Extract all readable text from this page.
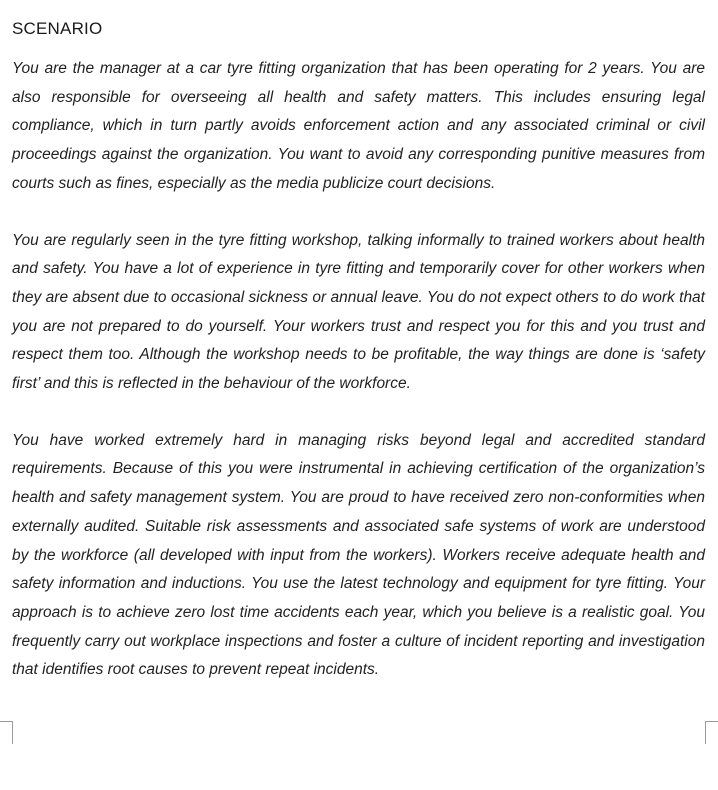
SCENARIO

You are the manager at a car tyre fitting organization that has been operating for 2 years. You are also responsible for overseeing all health and safety matters. This includes ensuring legal compliance, which in turn partly avoids enforcement action and any associated criminal or civil proceedings against the organization. You want to avoid any corresponding punitive measures from courts such as fines, especially as the media publicize court decisions.

You are regularly seen in the tyre fitting workshop, talking informally to trained workers about health and safety. You have a lot of experience in tyre fitting and temporarily cover for other workers when they are absent due to occasional sickness or annual leave. You do not expect others to do work that you are not prepared to do yourself. Your workers trust and respect you for this and you trust and respect them too. Although the workshop needs to be profitable, the way things are done is ‘safety first’ and this is reflected in the behaviour of the workforce.

You have worked extremely hard in managing risks beyond legal and accredited standard requirements. Because of this you were instrumental in achieving certification of the organization’s health and safety management system. You are proud to have received zero non-conformities when externally audited. Suitable risk assessments and associated safe systems of work are understood by the workforce (all developed with input from the workers). Workers receive adequate health and safety information and inductions. You use the latest technology and equipment for tyre fitting. Your approach is to achieve zero lost time accidents each year, which you believe is a realistic goal. You frequently carry out workplace inspections and foster a culture of incident reporting and investigation that identifies root causes to prevent repeat incidents.
